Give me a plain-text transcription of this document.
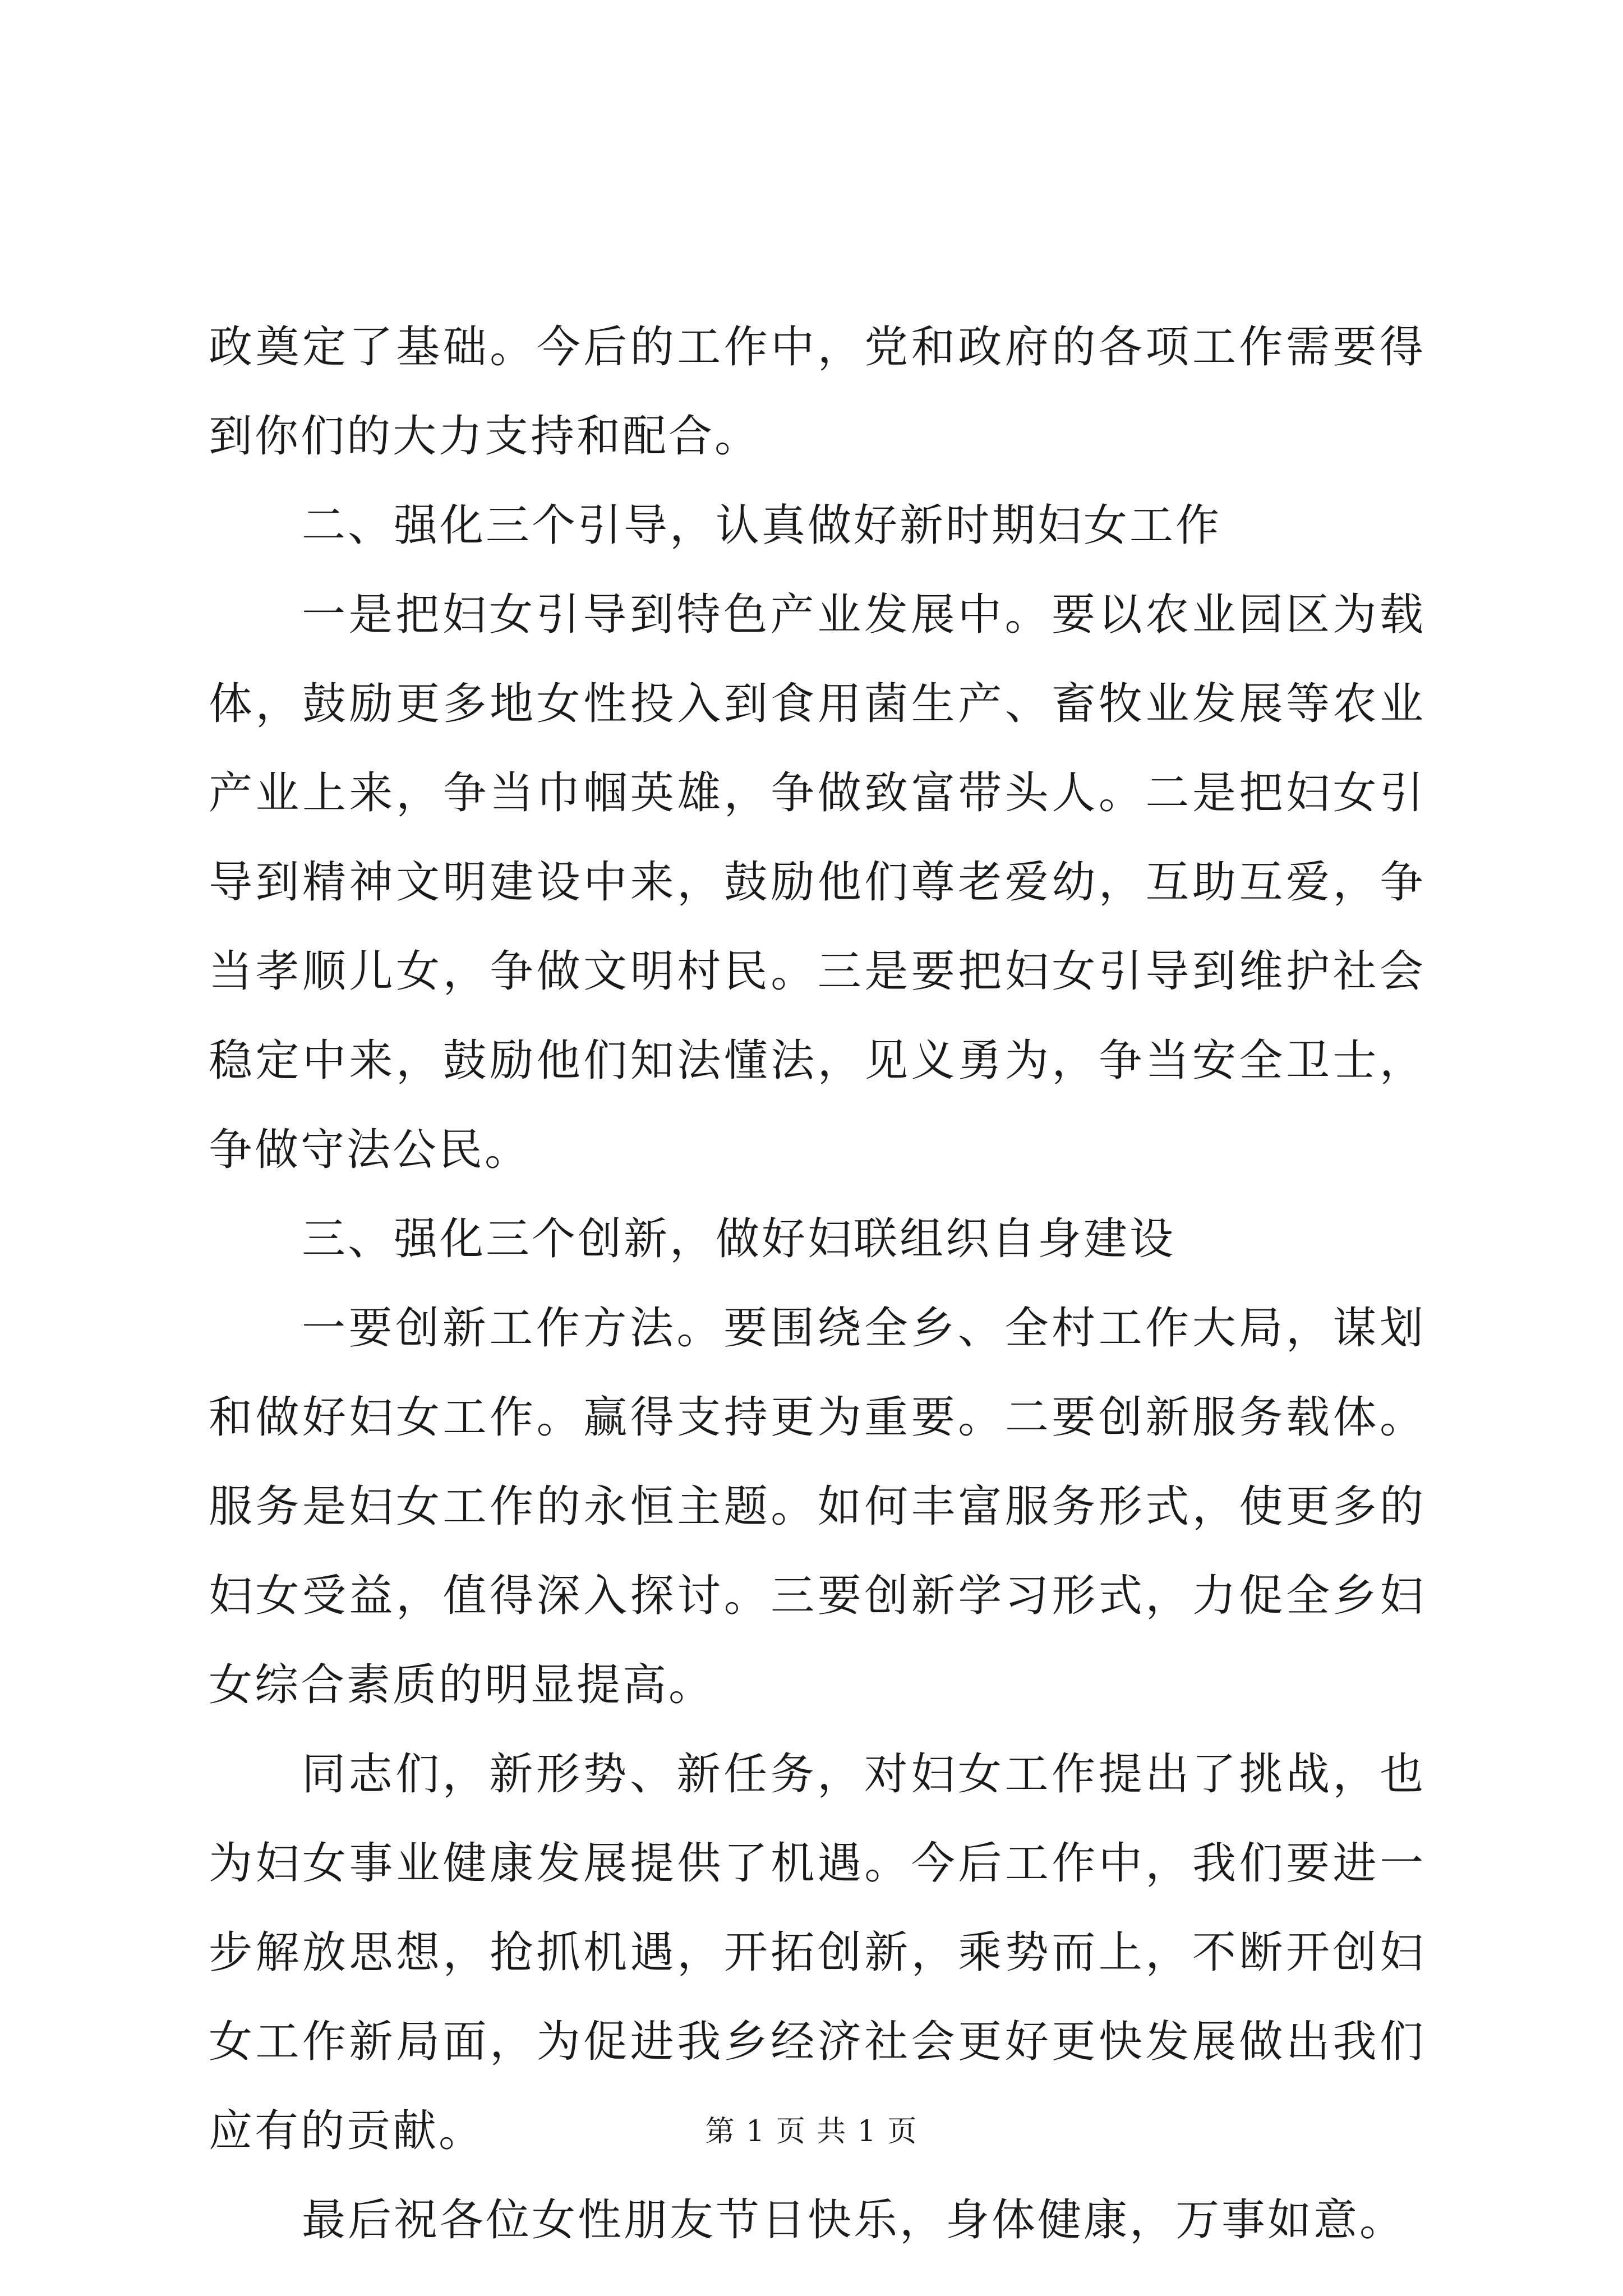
政奠定了基础。今后的工作中，党和政府的各项工作需要得到你们的大力支持和配合。

二、强化三个引导，认真做好新时期妇女工作

一是把妇女引导到特色产业发展中。要以农业园区为载体，鼓励更多地女性投入到食用菌生产、畜牧业发展等农业产业上来，争当巾帼英雄，争做致富带头人。二是把妇女引导到精神文明建设中来，鼓励他们尊老爱幼，互助互爱，争当孝顺儿女，争做文明村民。三是要把妇女引导到维护社会稳定中来，鼓励他们知法懂法，见义勇为，争当安全卫士，争做守法公民。

三、强化三个创新，做好妇联组织自身建设

一要创新工作方法。要围绕全乡、全村工作大局，谋划和做好妇女工作。赢得支持更为重要。二要创新服务载体。服务是妇女工作的永恒主题。如何丰富服务形式，使更多的妇女受益，值得深入探讨。三要创新学习形式，力促全乡妇女综合素质的明显提高。

同志们，新形势、新任务，对妇女工作提出了挑战，也为妇女事业健康发展提供了机遇。今后工作中，我们要进一步解放思想，抢抓机遇，开拓创新，乘势而上，不断开创妇女工作新局面，为促进我乡经济社会更好更快发展做出我们应有的贡献。

最后祝各位女性朋友节日快乐，身体健康，万事如意。

第 1 页 共 1 页
